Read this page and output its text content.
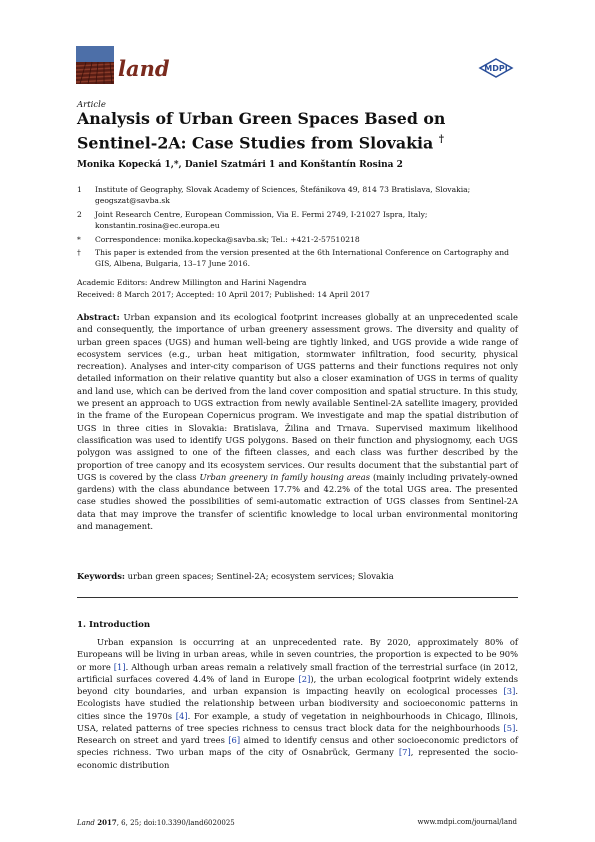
land	MDPI
Article
Analysis of Urban Green Spaces Based on
Sentinel-2A: Case Studies from Slovakia †
Monika Kopecká 1,*, Daniel Szatmári 1 and Konštantín Rosina 2
1	Institute of Geography, Slovak Academy of Sciences, Štefánikova 49, 814 73 Bratislava, Slovakia;
geogszat@savba.sk
2	Joint Research Centre, European Commission, Via E. Fermi 2749, I-21027 Ispra, Italy;
konstantin.rosina@ec.europa.eu
*	Correspondence: monika.kopecka@savba.sk; Tel.: +421-2-57510218
†	This paper is extended from the version presented at the 6th International Conference on Cartography and
GIS, Albena, Bulgaria, 13–17 June 2016.
Academic Editors: Andrew Millington and Harini Nagendra
Received: 8 March 2017; Accepted: 10 April 2017; Published: 14 April 2017
Abstract: Urban expansion and its ecological footprint increases globally at an unprecedented scale and consequently, the importance of urban greenery assessment grows. The diversity and quality of urban green spaces (UGS) and human well-being are tightly linked, and UGS provide a wide range of ecosystem services (e.g., urban heat mitigation, stormwater infiltration, food security, physical recreation). Analyses and inter-city comparison of UGS patterns and their functions requires not only detailed information on their relative quantity but also a closer examination of UGS in terms of quality and land use, which can be derived from the land cover composition and spatial structure. In this study, we present an approach to UGS extraction from newly available Sentinel-2A satellite imagery, provided in the frame of the European Copernicus program. We investigate and map the spatial distribution of UGS in three cities in Slovakia: Bratislava, Žilina and Trnava. Supervised maximum likelihood classification was used to identify UGS polygons. Based on their function and physiognomy, each UGS polygon was assigned to one of the fifteen classes, and each class was further described by the proportion of tree canopy and its ecosystem services. Our results document that the substantial part of UGS is covered by the class Urban greenery in family housing areas (mainly including privately-owned gardens) with the class abundance between 17.7% and 42.2% of the total UGS area. The presented case studies showed the possibilities of semi-automatic extraction of UGS classes from Sentinel-2A data that may improve the transfer of scientific knowledge to local urban environmental monitoring and management.
Keywords: urban green spaces; Sentinel-2A; ecosystem services; Slovakia
1. Introduction
Urban expansion is occurring at an unprecedented rate. By 2020, approximately 80% of Europeans will be living in urban areas, while in seven countries, the proportion is expected to be 90% or more [1]. Although urban areas remain a relatively small fraction of the terrestrial surface (in 2012, artificial surfaces covered 4.4% of land in Europe [2]), the urban ecological footprint widely extends beyond city boundaries, and urban expansion is impacting heavily on ecological processes [3]. Ecologists have studied the relationship between urban biodiversity and socioeconomic patterns in cities since the 1970s [4]. For example, a study of vegetation in neighbourhoods in Chicago, Illinois, USA, related patterns of tree species richness to census tract block data for the neighbourhoods [5]. Research on street and yard trees [6] aimed to identify census and other socioeconomic predictors of species richness. Two urban maps of the city of Osnabrück, Germany [7], represented the socio-economic distribution
Land 2017, 6, 25; doi:10.3390/land6020025	www.mdpi.com/journal/land
